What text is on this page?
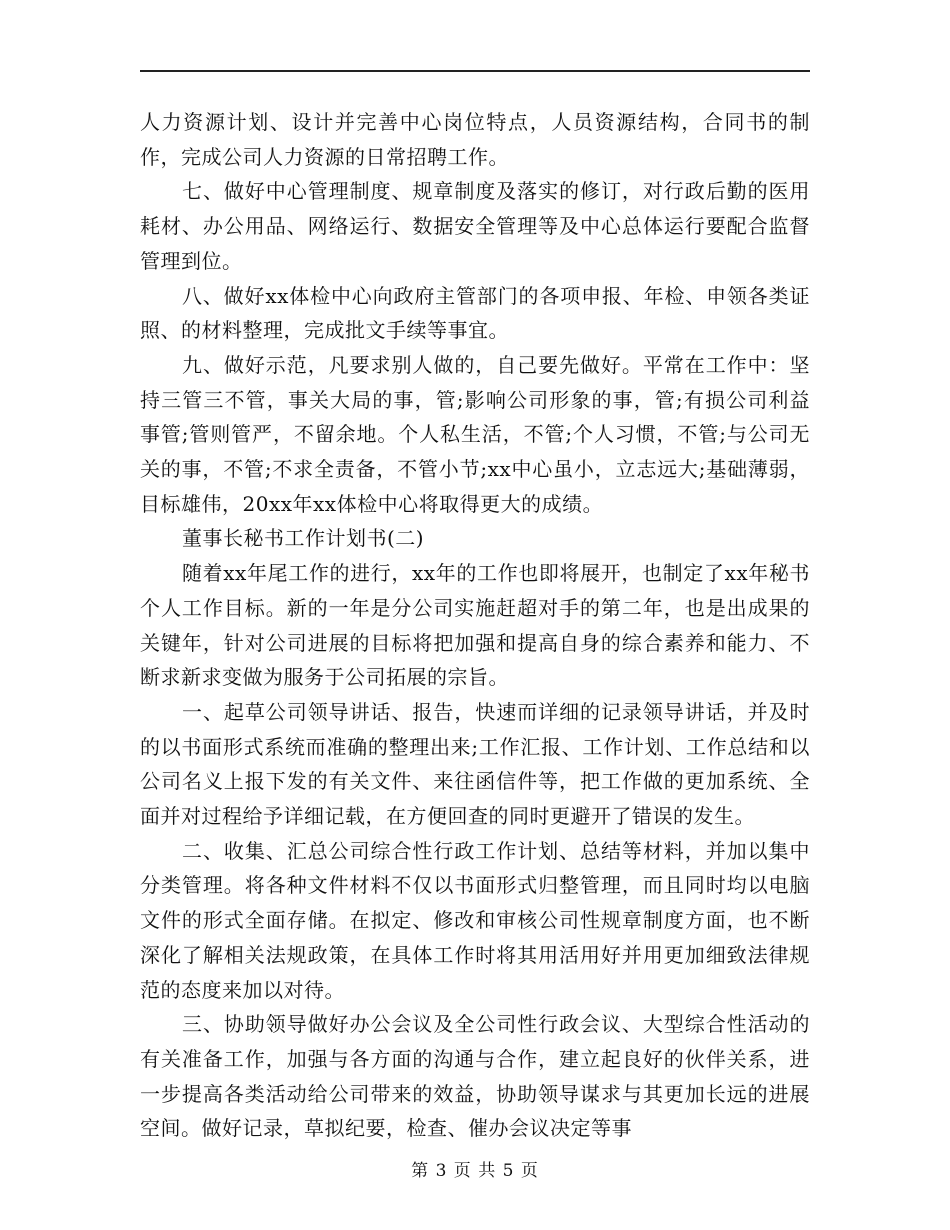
人力资源计划、设计并完善中心岗位特点，人员资源结构，合同书的制作，完成公司人力资源的日常招聘工作。

七、做好中心管理制度、规章制度及落实的修订，对行政后勤的医用耗材、办公用品、网络运行、数据安全管理等及中心总体运行要配合监督管理到位。

八、做好xx体检中心向政府主管部门的各项申报、年检、申领各类证照、的材料整理，完成批文手续等事宜。

九、做好示范，凡要求别人做的，自己要先做好。平常在工作中：坚持三管三不管，事关大局的事，管;影响公司形象的事，管;有损公司利益事管;管则管严，不留余地。个人私生活，不管;个人习惯，不管;与公司无关的事，不管;不求全责备，不管小节;xx中心虽小，立志远大;基础薄弱，目标雄伟，20xx年xx体检中心将取得更大的成绩。

董事长秘书工作计划书(二)

随着xx年尾工作的进行，xx年的工作也即将展开，也制定了xx年秘书个人工作目标。新的一年是分公司实施赶超对手的第二年，也是出成果的关键年，针对公司进展的目标将把加强和提高自身的综合素养和能力、不断求新求变做为服务于公司拓展的宗旨。

一、起草公司领导讲话、报告，快速而详细的记录领导讲话，并及时的以书面形式系统而准确的整理出来;工作汇报、工作计划、工作总结和以公司名义上报下发的有关文件、来往函信件等，把工作做的更加系统、全面并对过程给予详细记载，在方便回查的同时更避开了错误的发生。

二、收集、汇总公司综合性行政工作计划、总结等材料，并加以集中分类管理。将各种文件材料不仅以书面形式归整管理，而且同时均以电脑文件的形式全面存储。在拟定、修改和审核公司性规章制度方面，也不断深化了解相关法规政策，在具体工作时将其用活用好并用更加细致法律规范的态度来加以对待。

三、协助领导做好办公会议及全公司性行政会议、大型综合性活动的有关准备工作，加强与各方面的沟通与合作，建立起良好的伙伴关系，进一步提高各类活动给公司带来的效益，协助领导谋求与其更加长远的进展空间。做好记录，草拟纪要，检查、催办会议决定等事

第 3 页 共 5 页
